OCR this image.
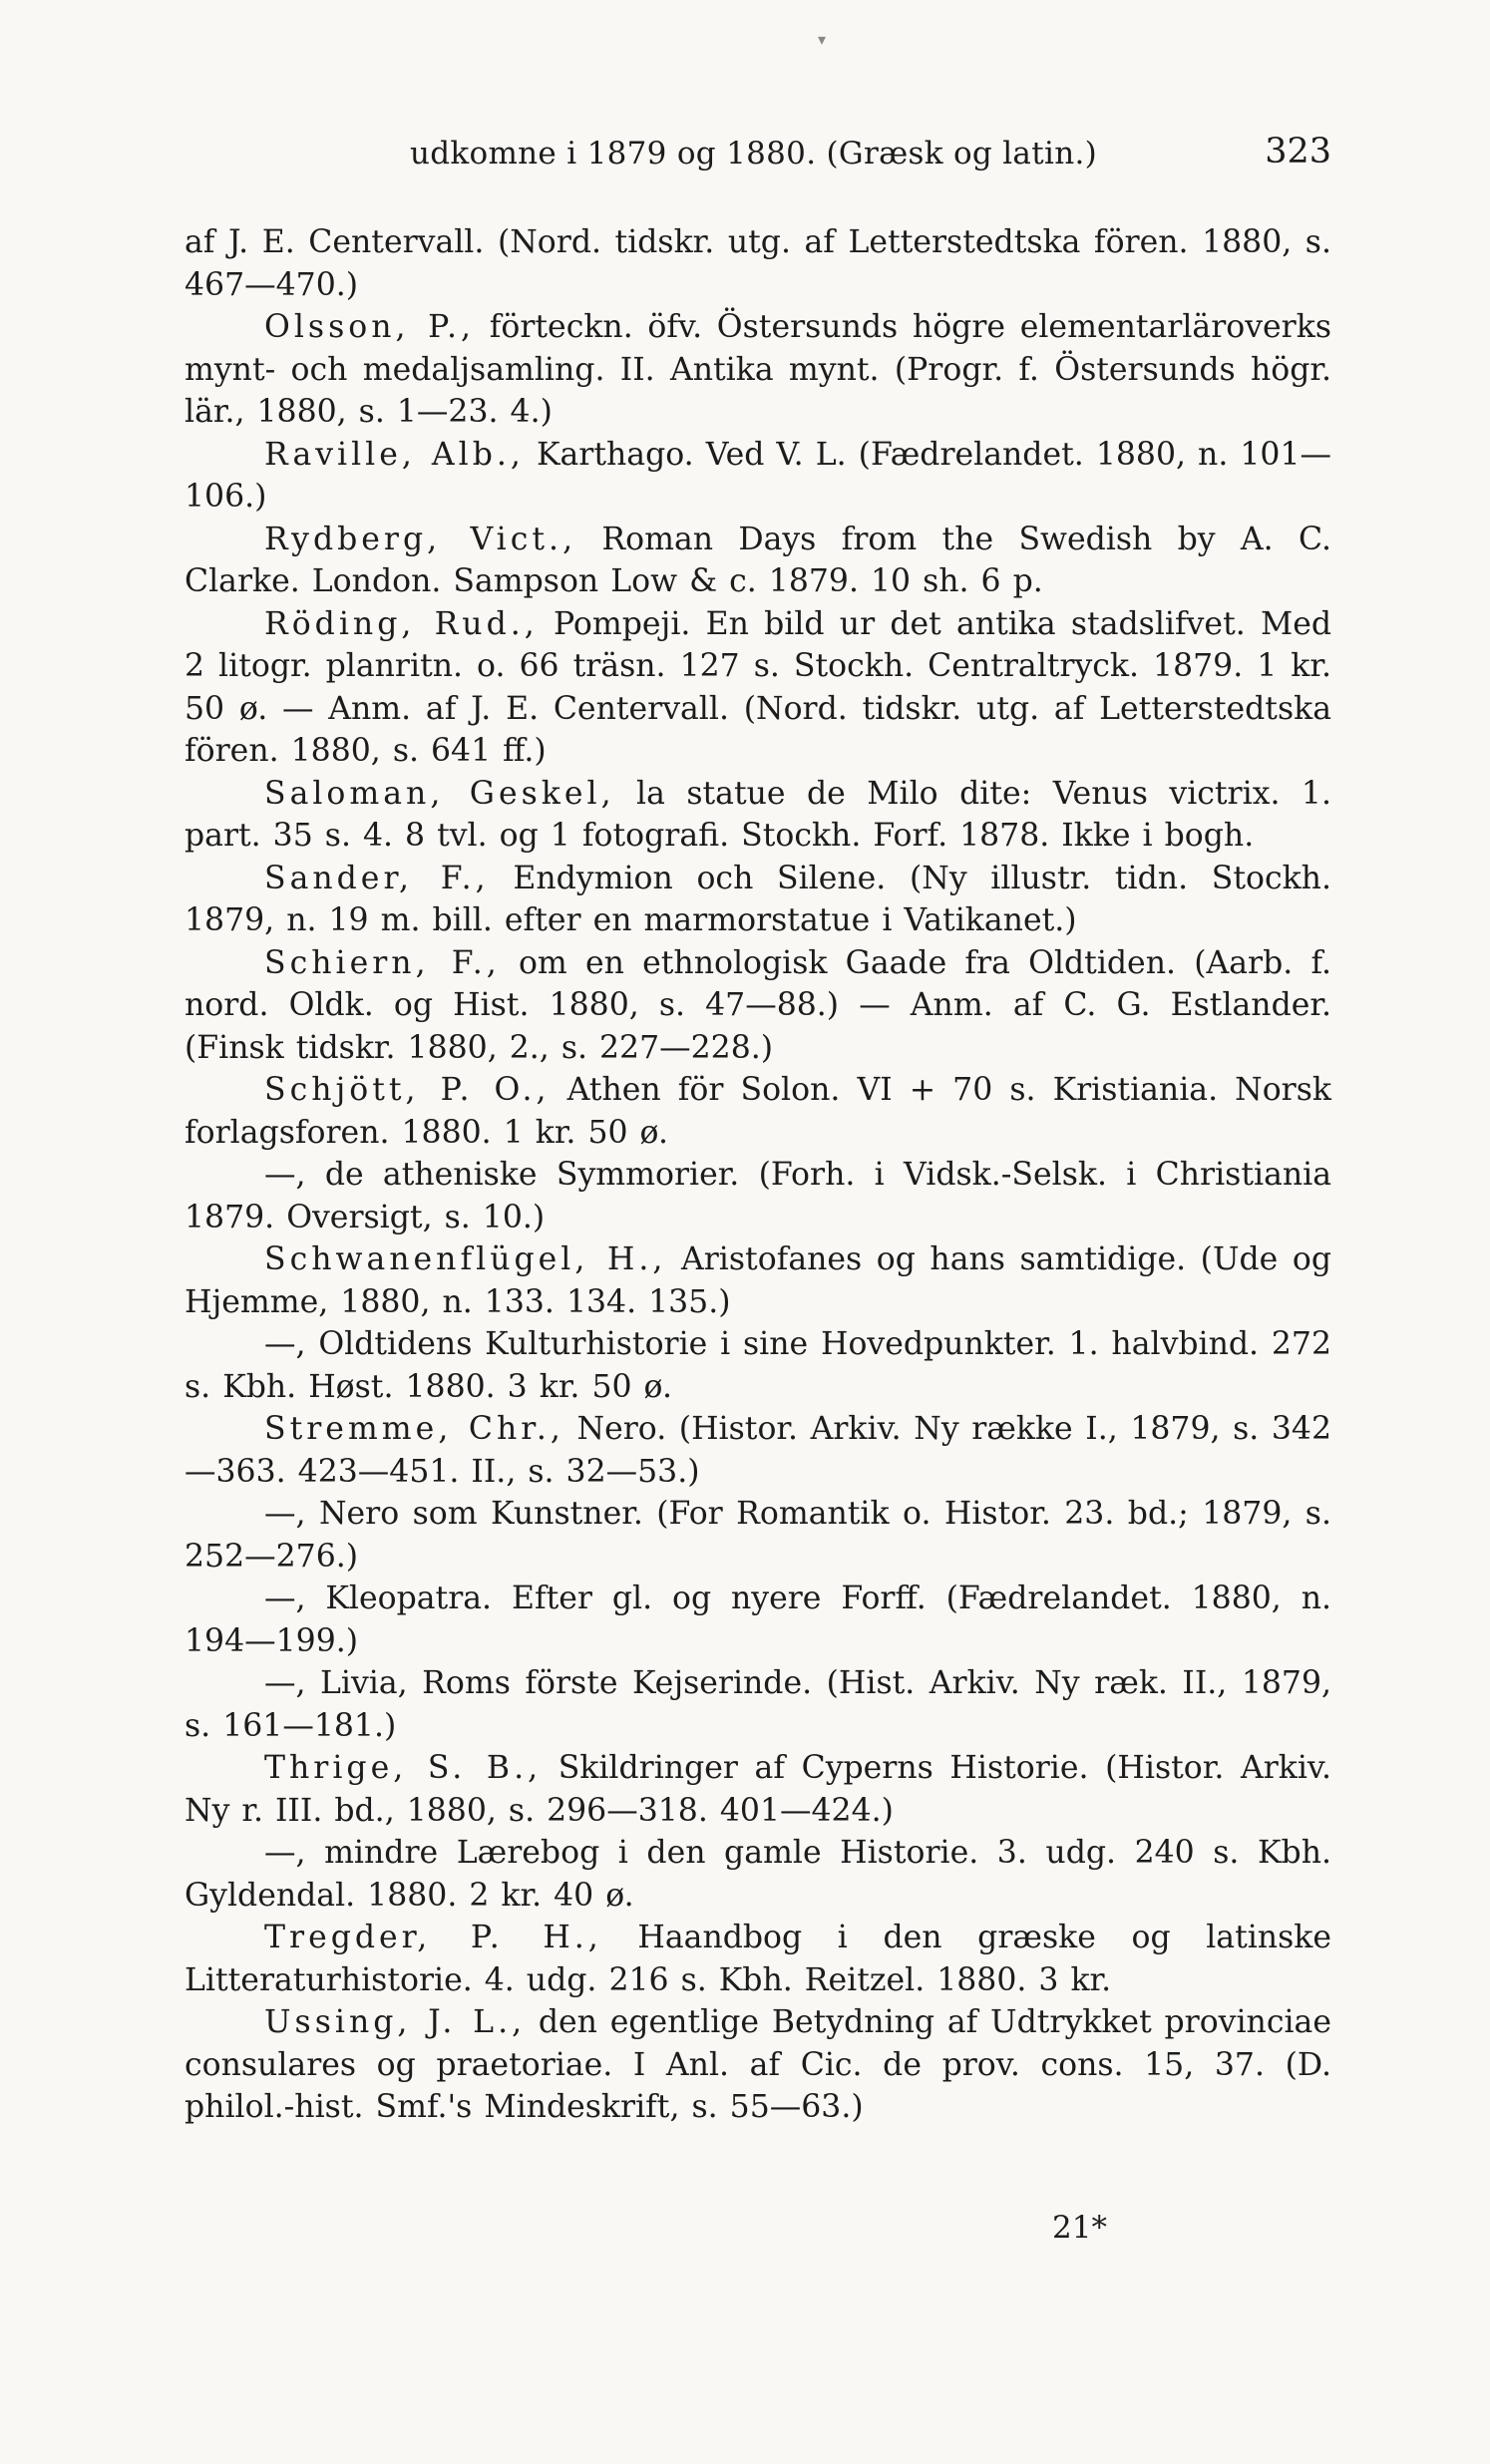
▾
udkomne i 1879 og 1880. (Græsk og latin.)	323

af J. E. Centervall. (Nord. tidskr. utg. af Letterstedtska fören. 1880, s. 467—470.)

Olsson, P., förteckn. öfv. Östersunds högre elementarläroverks mynt- och medaljsamling. II. Antika mynt. (Progr. f. Östersunds högr. lär., 1880, s. 1—23. 4.)

Raville, Alb., Karthago. Ved V. L. (Fædrelandet. 1880, n. 101—106.)

Rydberg, Vict., Roman Days from the Swedish by A. C. Clarke. London. Sampson Low & c. 1879. 10 sh. 6 p.

Röding, Rud., Pompeji. En bild ur det antika stadslifvet. Med 2 litogr. planritn. o. 66 träsn. 127 s. Stockh. Centraltryck. 1879. 1 kr. 50 ø. — Anm. af J. E. Centervall. (Nord. tidskr. utg. af Letterstedtska fören. 1880, s. 641 ff.)

Saloman, Geskel, la statue de Milo dite: Venus victrix. 1. part. 35 s. 4. 8 tvl. og 1 fotografi. Stockh. Forf. 1878. Ikke i bogh.

Sander, F., Endymion och Silene. (Ny illustr. tidn. Stockh. 1879, n. 19 m. bill. efter en marmorstatue i Vatikanet.)

Schiern, F., om en ethnologisk Gaade fra Oldtiden. (Aarb. f. nord. Oldk. og Hist. 1880, s. 47—88.) — Anm. af C. G. Estlander. (Finsk tidskr. 1880, 2., s. 227—228.)

Schjött, P. O., Athen för Solon. VI + 70 s. Kristiania. Norsk forlagsforen. 1880. 1 kr. 50 ø.

—, de atheniske Symmorier. (Forh. i Vidsk.-Selsk. i Christiania 1879. Oversigt, s. 10.)

Schwanenflügel, H., Aristofanes og hans samtidige. (Ude og Hjemme, 1880, n. 133. 134. 135.)

—, Oldtidens Kulturhistorie i sine Hovedpunkter. 1. halvbind. 272 s. Kbh. Høst. 1880. 3 kr. 50 ø.

Stremme, Chr., Nero. (Histor. Arkiv. Ny række I., 1879, s. 342—363. 423—451. II., s. 32—53.)

—, Nero som Kunstner. (For Romantik o. Histor. 23. bd.; 1879, s. 252—276.)

—, Kleopatra. Efter gl. og nyere Forff. (Fædrelandet. 1880, n. 194—199.)

—, Livia, Roms förste Kejserinde. (Hist. Arkiv. Ny ræk. II., 1879, s. 161—181.)

Thrige, S. B., Skildringer af Cyperns Historie. (Histor. Arkiv. Ny r. III. bd., 1880, s. 296—318. 401—424.)

—, mindre Lærebog i den gamle Historie. 3. udg. 240 s. Kbh. Gyldendal. 1880. 2 kr. 40 ø.

Tregder, P. H., Haandbog i den græske og latinske Litteraturhistorie. 4. udg. 216 s. Kbh. Reitzel. 1880. 3 kr.

Ussing, J. L., den egentlige Betydning af Udtrykket provinciae consulares og praetoriae. I Anl. af Cic. de prov. cons. 15, 37. (D. philol.-hist. Smf.'s Mindeskrift, s. 55—63.)

21*
